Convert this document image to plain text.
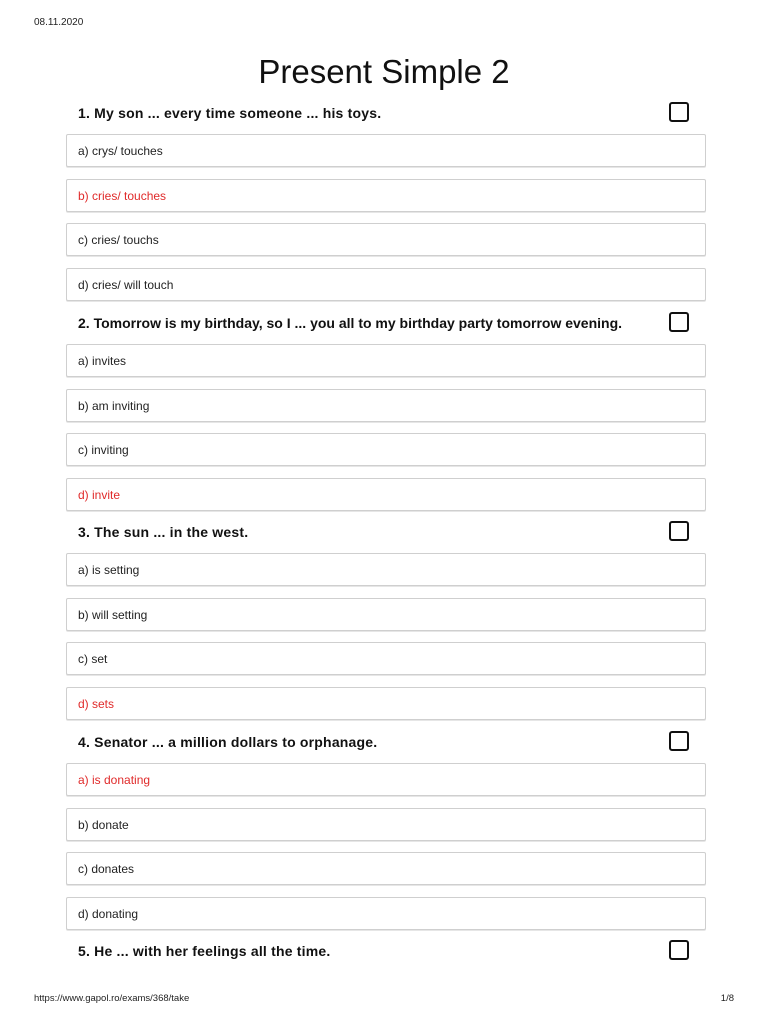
08.11.2020
Present Simple 2
1. My son ... every time someone ... his toys.
a) crys/ touches
b) cries/ touches
c) cries/ touchs
d) cries/ will touch
2. Tomorrow is my birthday, so I ... you all to my birthday party tomorrow evening.
a) invites
b) am inviting
c) inviting
d) invite
3. The sun ... in the west.
a) is setting
b) will setting
c) set
d) sets
4. Senator ... a million dollars to orphanage.
a) is donating
b) donate
c) donates
d) donating
5. He ... with her feelings all the time.
https://www.gapol.ro/exams/368/take	1/8
